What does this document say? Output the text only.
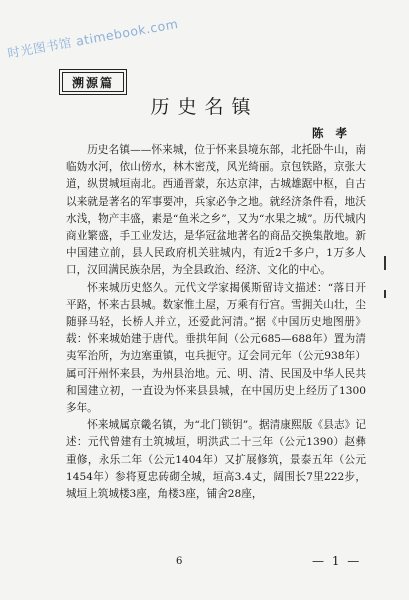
时光图书馆 atimebook.com
溯源篇
历史名镇
陈 孝

历史名镇——怀来城，位于怀来县境东部，北托卧牛山，南临妫水河，依山傍水，林木密茂，风光绮丽。京包铁路，京张大道，纵贯城垣南北。西通晋蒙，东达京津，古城雄踞中枢，自古以来就是著名的军事要冲，兵家必争之地。就经济条件看，地沃水浅，物产丰盛，素是“鱼米之乡”，又为“水果之城”。历代城内商业繁盛，手工业发达，是华冠盆地著名的商品交换集散地。新中国建立前，县人民政府机关驻城内，有近2千多户，1万多人口，汉回满民族杂居，为全县政治、经济、文化的中心。

怀来城历史悠久。元代文学家揭傒斯留诗文描述：“落日开平路，怀来古县城。数家惟土屋，万乘有行宫。雪拥关山壮，尘随驿马轻，长桥人并立，还爱此河清。”据《中国历史地图册》载：怀来城始建于唐代。垂拱年间（公元685—688年）置为清夷军治所，为边塞重镇，屯兵扼守。辽会同元年（公元938年）属可汗州怀来县，为州县治地。元、明、清、民国及中华人民共和国建立初，一直设为怀来县县城，在中国历史上经历了1300多年。

怀来城属京畿名镇，为“北门锁钥”。据清康熙版《县志》记述：元代曾建有土筑城垣，明洪武二十三年（公元1390）赵彝重修，永乐二年（公元1404年）又扩展修筑，景泰五年（公元1454年）参将夏忠砖砌全城，垣高3.4丈，阔围长7里222步，城垣上筑城楼3座，角楼3座，铺舍28座，

6	— 1 —
